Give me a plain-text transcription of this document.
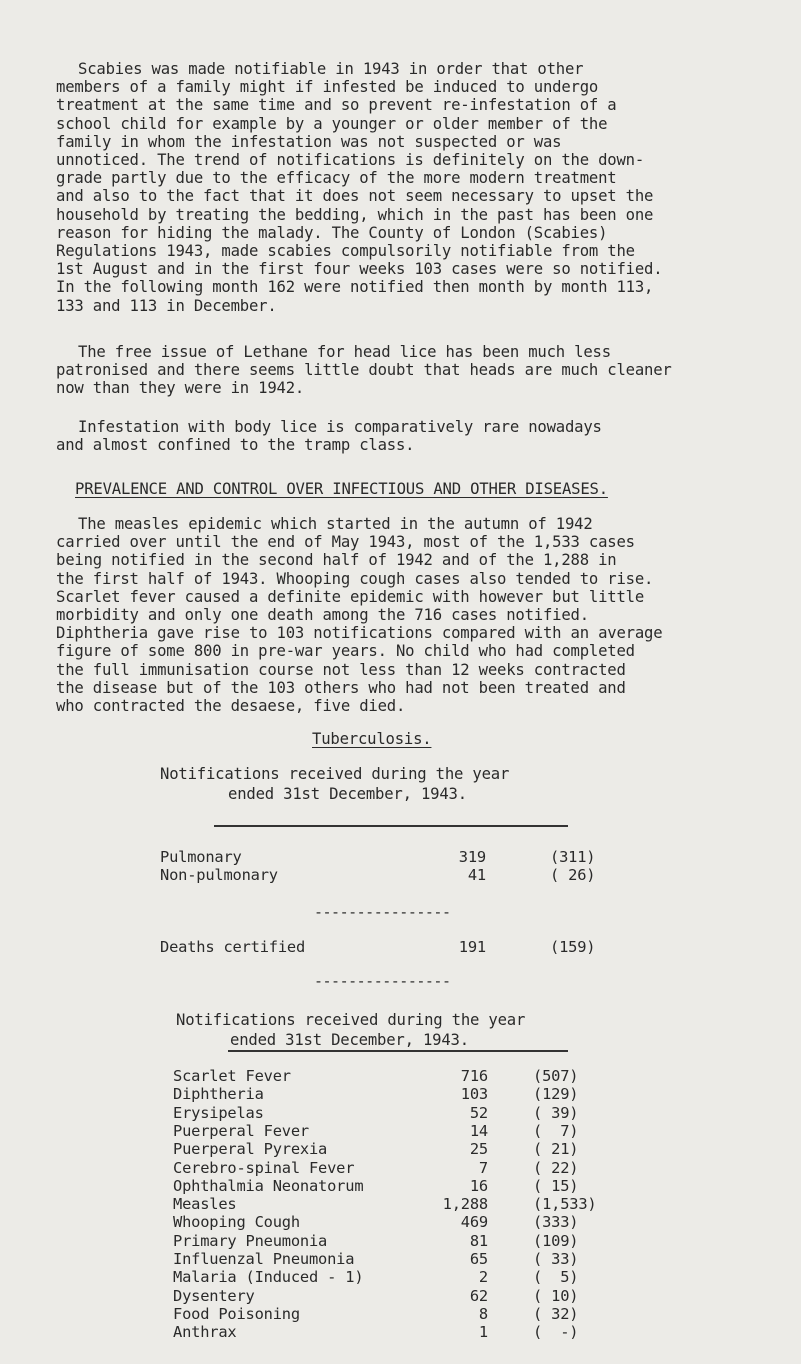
Scabies was made notifiable in 1943 in order that other
members of a family might if infested be induced to undergo
treatment at the same time and so prevent re-infestation of a
school child for example by a younger or older member of the
family in whom the infestation was not suspected or was
unnoticed. The trend of notifications is definitely on the down-
grade partly due to the efficacy of the more modern treatment
and also to the fact that it does not seem necessary to upset the
household by treating the bedding, which in the past has been one
reason for hiding the malady. The County of London (Scabies)
Regulations 1943, made scabies compulsorily notifiable from the
1st August and in the first four weeks 103 cases were so notified.
In the following month 162 were notified then month by month 113,
133 and 113 in December.
The free issue of Lethane for head lice has been much less
patronised and there seems little doubt that heads are much cleaner
now than they were in 1942.
Infestation with body lice is comparatively rare nowadays
and almost confined to the tramp class.
PREVALENCE AND CONTROL OVER INFECTIOUS AND OTHER DISEASES.
The measles epidemic which started in the autumn of 1942
carried over until the end of May 1943, most of the 1,533 cases
being notified in the second half of 1942 and of the 1,288 in
the first half of 1943. Whooping cough cases also tended to rise.
Scarlet fever caused a definite epidemic with however but little
morbidity and only one death among the 716 cases notified.
Diphtheria gave rise to 103 notifications compared with an average
figure of some 800 in pre-war years. No child who had completed
the full immunisation course not less than 12 weeks contracted
the disease but of the 103 others who had not been treated and
who contracted the desaese, five died.
Tuberculosis.
Notifications received during the year
ended 31st December, 1943.
Pulmonary	319	(311)
Non-pulmonary	41	( 26)
----------------
Deaths certified	191	(159)
----------------
Notifications received during the year
ended 31st December, 1943.
Scarlet Fever	716	(507)
Diphtheria	103	(129)
Erysipelas	52	( 39)
Puerperal Fever	14	(  7)
Puerperal Pyrexia	25	( 21)
Cerebro-spinal Fever	7	( 22)
Ophthalmia Neonatorum	16	( 15)
Measles	1,288	(1,533)
Whooping Cough	469	(333)
Primary Pneumonia	81	(109)
Influenzal Pneumonia	65	( 33)
Malaria (Induced - 1)	2	(  5)
Dysentery	62	( 10)
Food Poisoning	8	( 32)
Anthrax	1	(  -)
